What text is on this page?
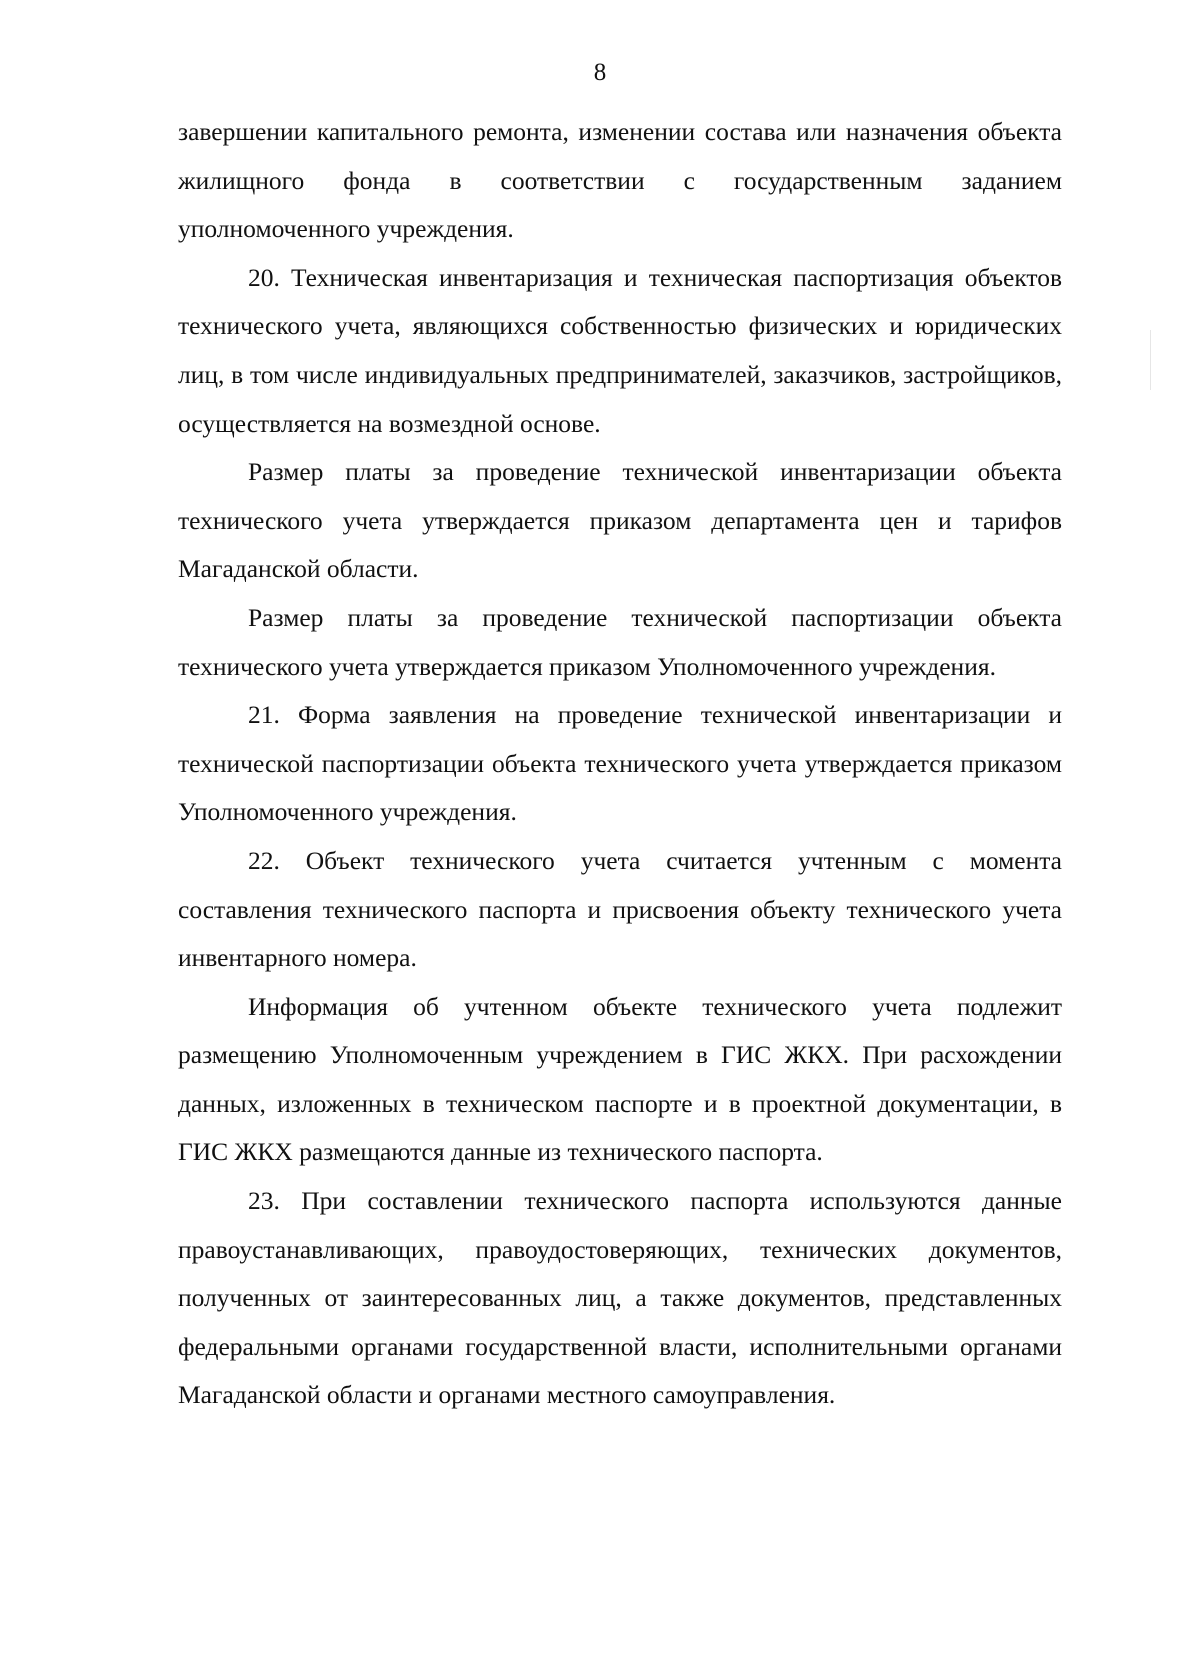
8

завершении капитального ремонта, изменении состава или назначения объекта жилищного фонда в соответствии с государственным заданием уполномоченного учреждения.

20. Техническая инвентаризация и техническая паспортизация объектов технического учета, являющихся собственностью физических и юридических лиц, в том числе индивидуальных предпринимателей, заказчиков, застройщиков, осуществляется на возмездной основе.

Размер платы за проведение технической инвентаризации объекта технического учета утверждается приказом департамента цен и тарифов Магаданской области.

Размер платы за проведение технической паспортизации объекта технического учета утверждается приказом Уполномоченного учреждения.

21. Форма заявления на проведение технической инвентаризации и технической паспортизации объекта технического учета утверждается приказом Уполномоченного учреждения.

22. Объект технического учета считается учтенным с момента составления технического паспорта и присвоения объекту технического учета инвентарного номера.

Информация об учтенном объекте технического учета подлежит размещению Уполномоченным учреждением в ГИС ЖКХ. При расхождении данных, изложенных в техническом паспорте и в проектной документации, в ГИС ЖКХ размещаются данные из технического паспорта.

23. При составлении технического паспорта используются данные правоустанавливающих, правоудостоверяющих, технических документов, полученных от заинтересованных лиц, а также документов, представленных федеральными органами государственной власти, исполнительными органами Магаданской области и органами местного самоуправления.
